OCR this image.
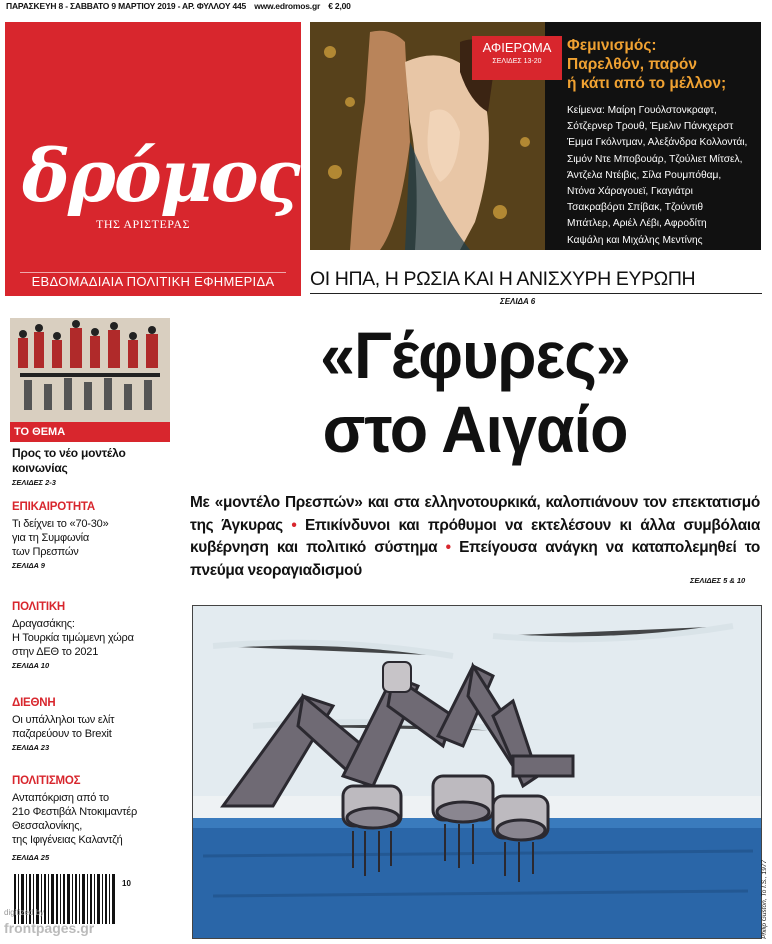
ΠΑΡΑΣΚΕΥΗ 8 - ΣΑΒΒΑΤΟ 9 ΜΑΡΤΙΟΥ 2019 - ΑΡ. ΦΥΛΛΟΥ 445 www.edromos.gr € 2,00
δρόμος
ΤΗΣ ΑΡΙΣΤΕΡΑΣ
ΕΒΔΟΜΑΔΙΑΙΑ ΠΟΛΙΤΙΚΗ ΕΦΗΜΕΡΙΔΑ
ΑΦΙΕΡΩΜΑ
ΣΕΛΙΔΕΣ 13-20
Φεμινισμός:
Παρελθόν, παρόν
ή κάτι από το μέλλον;
Κείμενα: Μαίρη Γουόλστονκραφτ,
Σότζερνερ Τρουθ, Έμελιν Πάνκχερστ
Έμμα Γκόλντμαν, Αλεξάνδρα Κολλοντάι,
Σιμόν Ντε Μποβουάρ, Τζούλιετ Μίτσελ,
Άντζελα Ντέιβις, Σίλα Ρουμπόθαμ,
Ντόνα Χάραγουεϊ, Γκαγιάτρι
Τσακραβόρτι Σπίβακ, Τζούντιθ
Μπάτλερ, Αριέλ Λέβι, Αφροδίτη
Καψάλη και Μιχάλης Μεντίνης
ΟΙ ΗΠΑ, Η ΡΩΣΙΑ ΚΑΙ Η ΑΝΙΣΧΥΡΗ ΕΥΡΩΠΗ
ΣΕΛΙΔΑ 6
ΤΟ ΘΕΜΑ
Προς το νέο μοντέλο
κοινωνίας
ΣΕΛΙΔΕΣ 2-3
ΕΠΙΚΑΙΡΟΤΗΤΑ
Τι δείχνει το «70-30»
για τη Συμφωνία
των Πρεσπών
ΣΕΛΙΔΑ 9
ΠΟΛΙΤΙΚΗ
Δραγασάκης:
Η Τουρκία τιμώμενη χώρα
στην ΔΕΘ το 2021
ΣΕΛΙΔΑ 10
ΔΙΕΘΝΗ
Οι υπάλληλοι των ελίτ
παζαρεύουν το Brexit
ΣΕΛΙΔΑ 23
ΠΟΛΙΤΙΣΜΟΣ
Ανταπόκριση από το
21ο Φεστιβάλ Ντοκιμαντέρ
Θεσσαλονίκης,
της Ιφιγένειας Καλαντζή
ΣΕΛΙΔΑ 25
10
digitized by
frontpages.gr
«Γέφυρες»
στο Αιγαίο
Με «μοντέλο Πρεσπών» και στα ελληνοτουρκικά, καλοπιάνουν τον επεκτατισμό της Άγκυρας • Επικίνδυνοι και πρόθυμοι να εκτελέσουν κι άλλα συμβόλαια κυβέρνηση και πολιτικό σύστημα • Επείγουσα ανάγκη να καταπολεμηθεί το πνεύμα νεοραγιαδισμού
ΣΕΛΙΔΕΣ 5 & 10
Philip Guston, To I.S., 1977
